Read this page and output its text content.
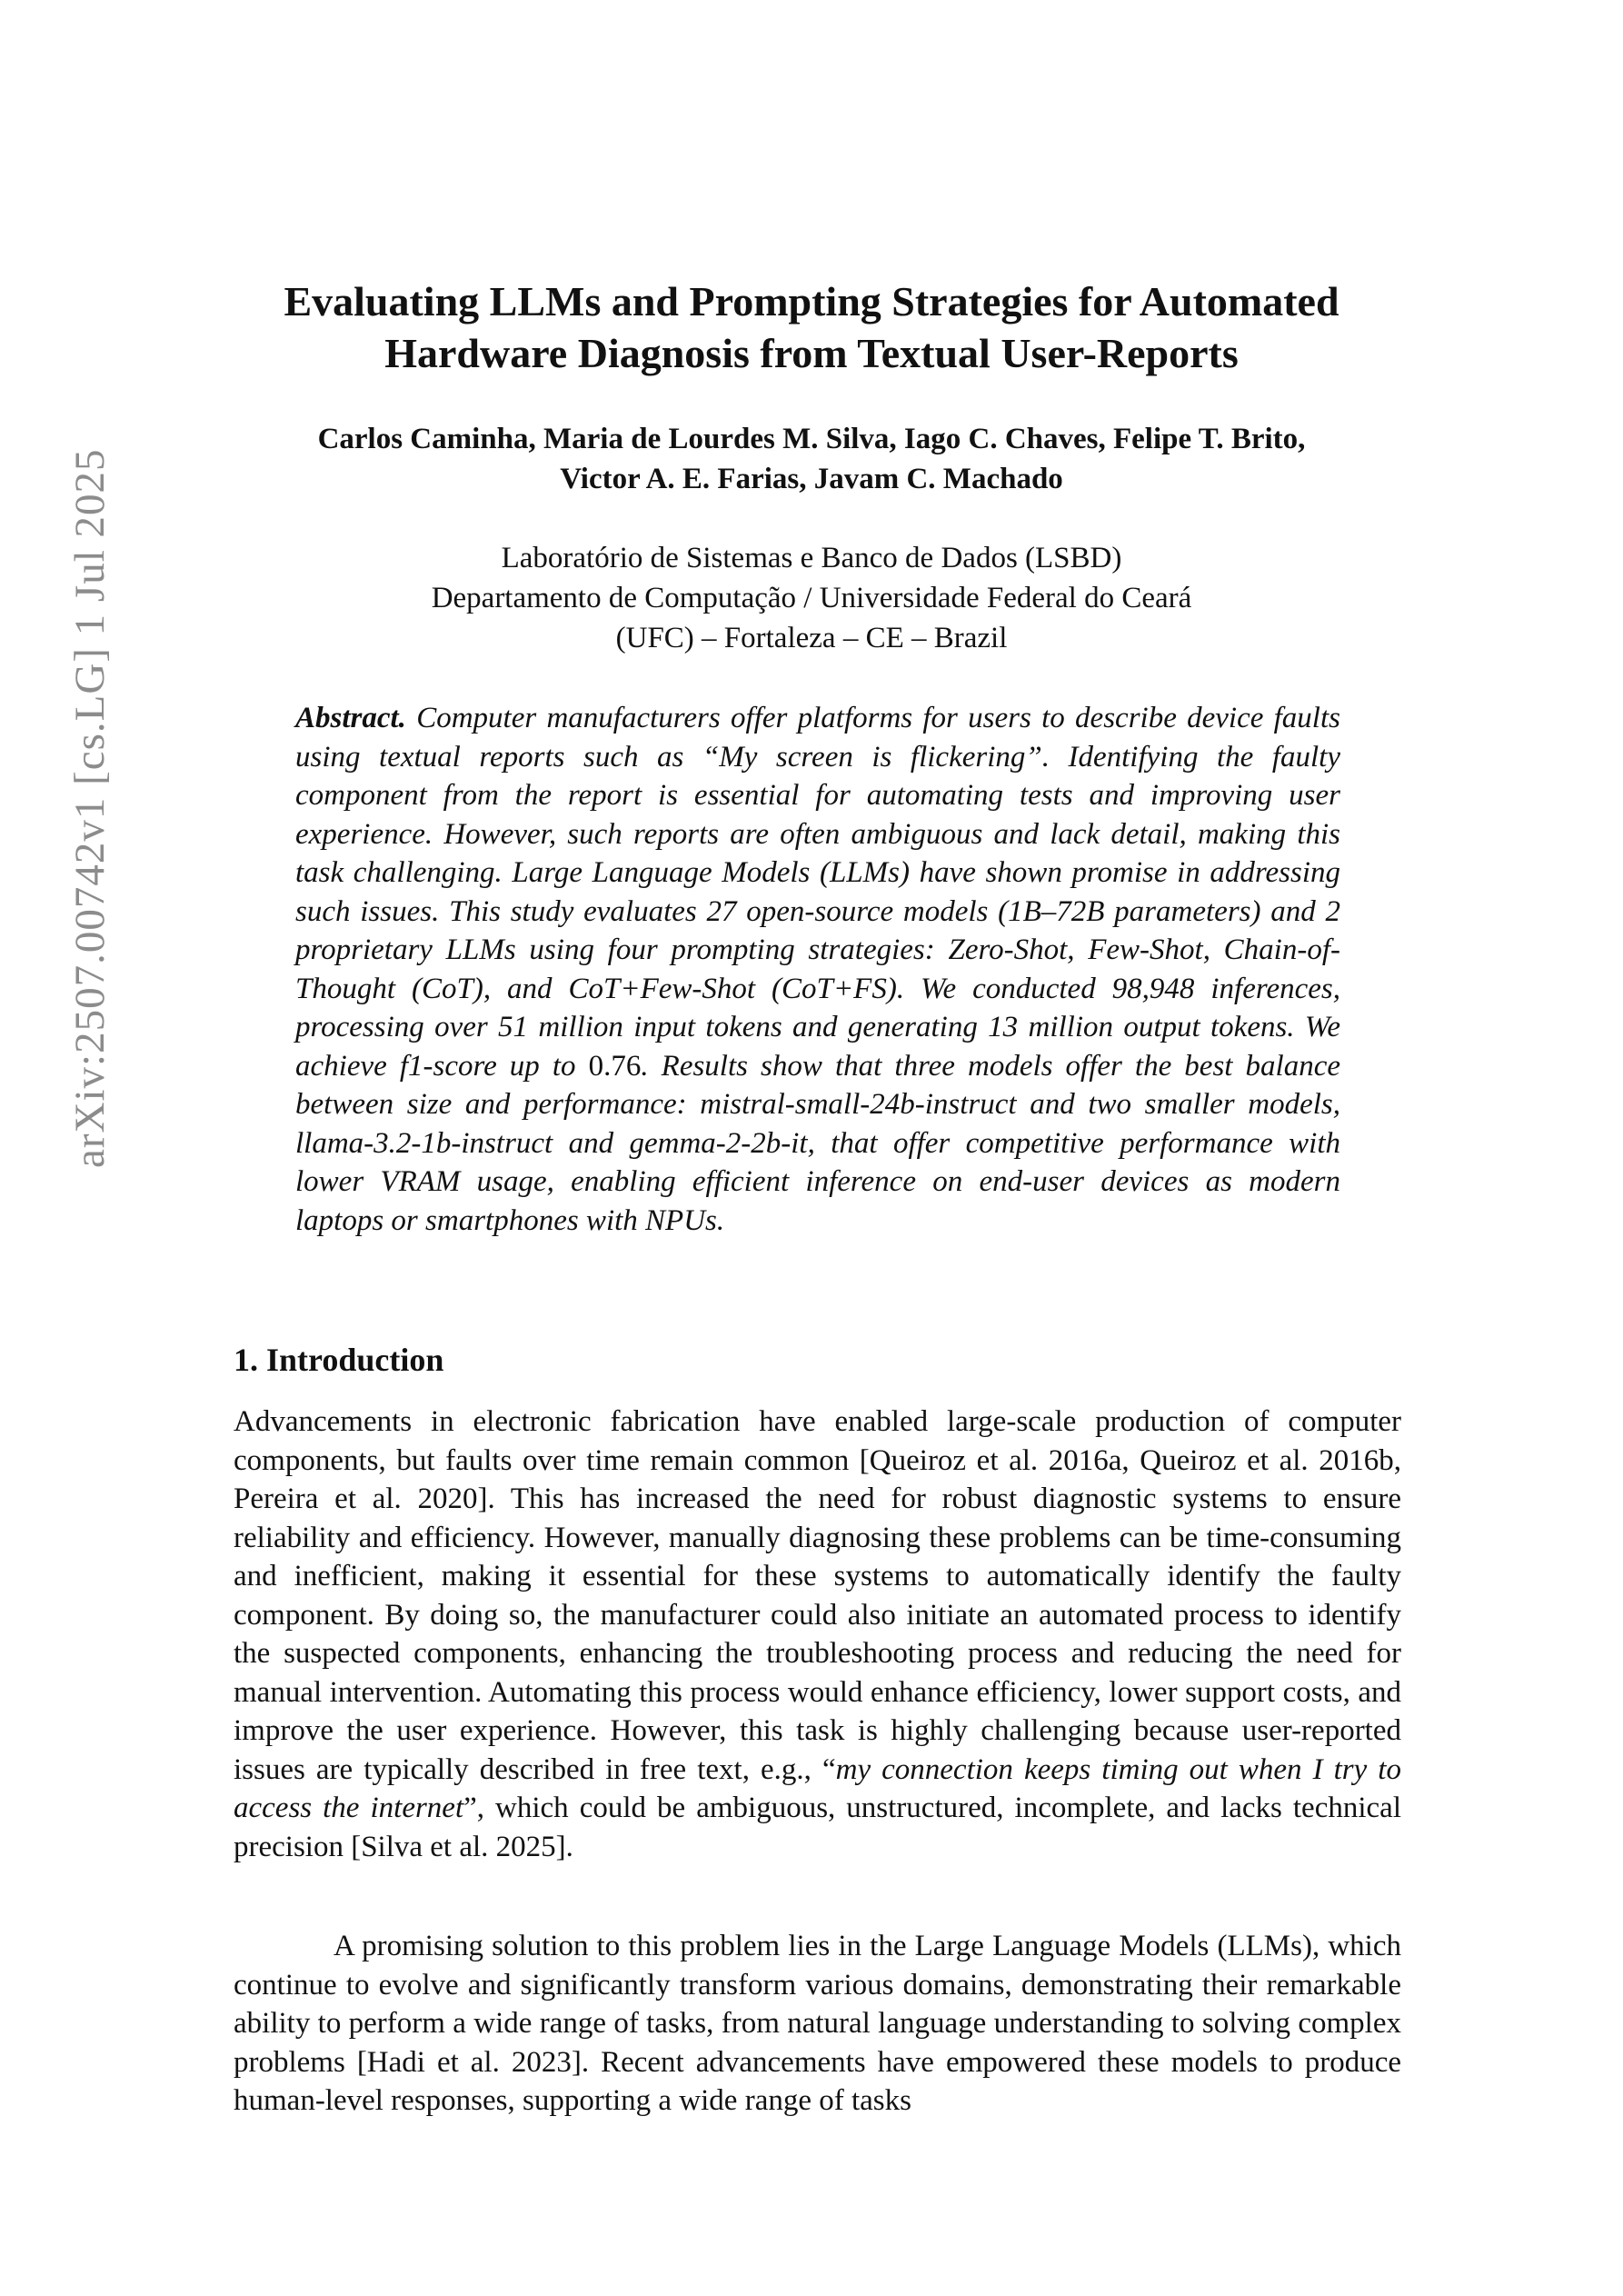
arXiv:2507.00742v1 [cs.LG] 1 Jul 2025
Evaluating LLMs and Prompting Strategies for Automated
Hardware Diagnosis from Textual User-Reports
Carlos Caminha, Maria de Lourdes M. Silva, Iago C. Chaves, Felipe T. Brito,
Victor A. E. Farias, Javam C. Machado
Laboratório de Sistemas e Banco de Dados (LSBD)
Departamento de Computação / Universidade Federal do Ceará
(UFC) – Fortaleza – CE – Brazil
Abstract. Computer manufacturers offer platforms for users to describe device faults using textual reports such as “My screen is flickering”. Identifying the faulty component from the report is essential for automating tests and improving user experience. However, such reports are often ambiguous and lack detail, making this task challenging. Large Language Models (LLMs) have shown promise in addressing such issues. This study evaluates 27 open-source models (1B–72B parameters) and 2 proprietary LLMs using four prompting strategies: Zero-Shot, Few-Shot, Chain-of-Thought (CoT), and CoT+Few-Shot (CoT+FS). We conducted 98,948 inferences, processing over 51 million input tokens and generating 13 million output tokens. We achieve f1-score up to 0.76. Results show that three models offer the best balance between size and performance: mistral-small-24b-instruct and two smaller models, llama-3.2-1b-instruct and gemma-2-2b-it, that offer competitive performance with lower VRAM usage, enabling efficient inference on end-user devices as modern laptops or smartphones with NPUs.
1. Introduction
Advancements in electronic fabrication have enabled large-scale production of computer components, but faults over time remain common [Queiroz et al. 2016a, Queiroz et al. 2016b, Pereira et al. 2020]. This has increased the need for robust diagnostic systems to ensure reliability and efficiency. However, manually diagnosing these problems can be time-consuming and inefficient, making it essential for these systems to automatically identify the faulty component. By doing so, the manufacturer could also initiate an automated process to identify the suspected components, enhancing the troubleshooting process and reducing the need for manual intervention. Automating this process would enhance efficiency, lower support costs, and improve the user experience. However, this task is highly challenging because user-reported issues are typically described in free text, e.g., “my connection keeps timing out when I try to access the internet”, which could be ambiguous, unstructured, incomplete, and lacks technical precision [Silva et al. 2025].
A promising solution to this problem lies in the Large Language Models (LLMs), which continue to evolve and significantly transform various domains, demonstrating their remarkable ability to perform a wide range of tasks, from natural language understanding to solving complex problems [Hadi et al. 2023]. Recent advancements have empowered these models to produce human-level responses, supporting a wide range of tasks
